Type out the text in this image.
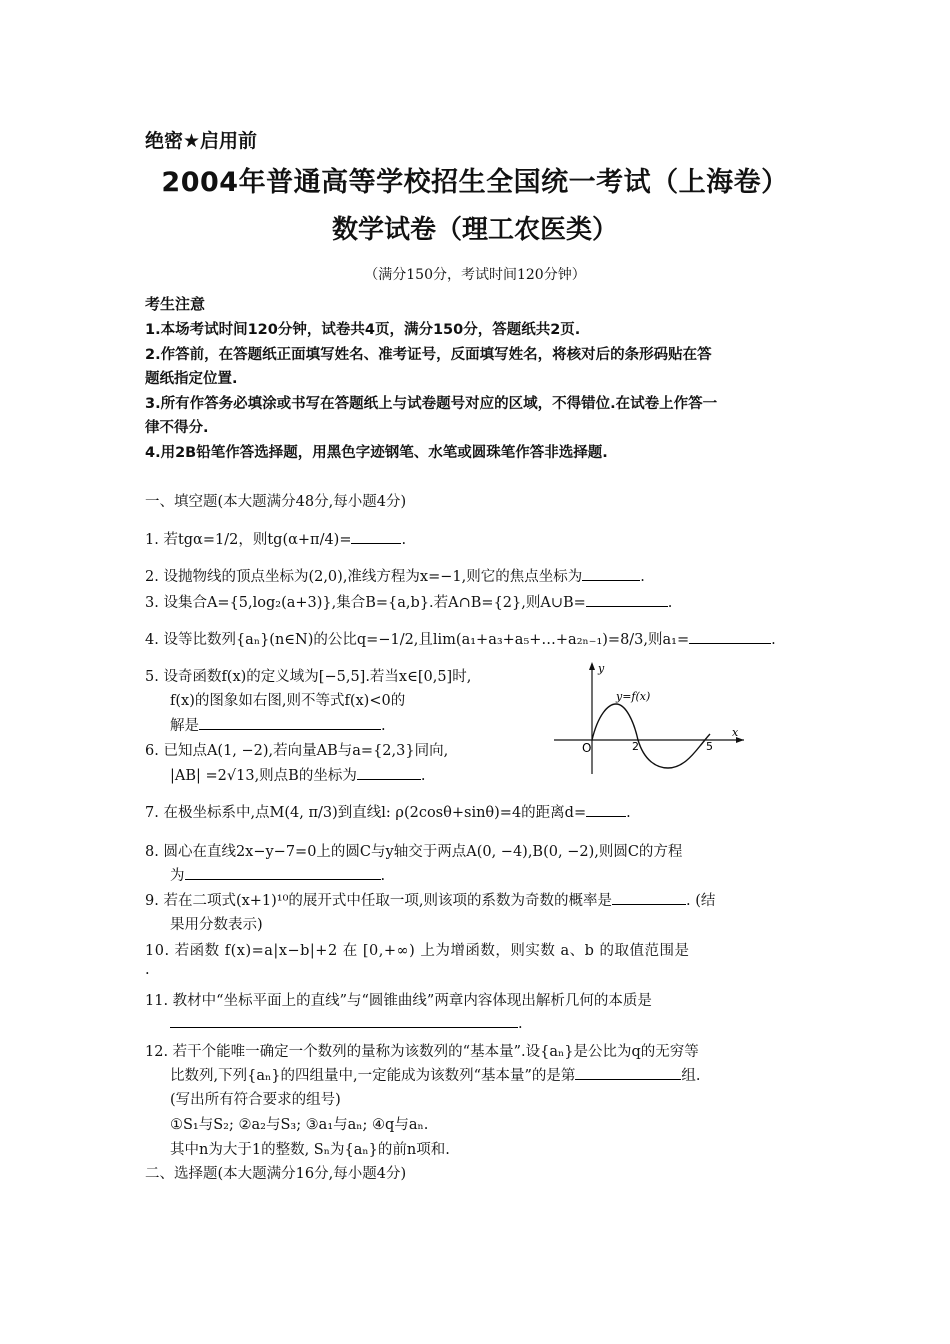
绝密★启用前
2004年普通高等学校招生全国统一考试（上海卷）
数学试卷（理工农医类）
（满分150分，考试时间120分钟）
考生注意
1.本场考试时间120分钟，试卷共4页，满分150分，答题纸共2页.
2.作答前，在答题纸正面填写姓名、准考证号，反面填写姓名，将核对后的条形码贴在答
题纸指定位置.
3.所有作答务必填涂或书写在答题纸上与试卷题号对应的区域，不得错位.在试卷上作答一
律不得分.
4.用2B铅笔作答选择题，用黑色字迹钢笔、水笔或圆珠笔作答非选择题.
一、填空题(本大题满分48分,每小题4分)
1. 若tgα=1/2，则tg(α+π/4)=	.
2. 设抛物线的顶点坐标为(2,0),准线方程为x=−1,则它的焦点坐标为	.
3. 设集合A={5,log₂(a+3)},集合B={a,b}.若A∩B={2},则A∪B=	.
4. 设等比数列{aₙ}(n∈N)的公比q=−1/2,且lim(a₁+a₃+a₅+…+a₂ₙ₋₁)=8/3,则a₁=	.
5. 设奇函数f(x)的定义域为[−5,5].若当x∈[0,5]时,
f(x)的图象如右图,则不等式f(x)<0的
解是	.
6. 已知点A(1, −2),若向量AB与a={2,3}同向,
|AB| =2√13,则点B的坐标为	.
y
x
O
y=f(x)
2	5
7. 在极坐标系中,点M(4, π/3)到直线l: ρ(2cosθ+sinθ)=4的距离d=	.
8. 圆心在直线2x−y−7=0上的圆C与y轴交于两点A(0, −4),B(0, −2),则圆C的方程
为	.
9. 若在二项式(x+1)¹⁰的展开式中任取一项,则该项的系数为奇数的概率是	. (结
果用分数表示)
10. 若函数 f(x)=a|x−b|+2 在 [0,+∞) 上为增函数，则实数 a、b 的取值范围是
.
11. 教材中“坐标平面上的直线”与“圆锥曲线”两章内容体现出解析几何的本质是
.
12. 若干个能唯一确定一个数列的量称为该数列的“基本量”.设{aₙ}是公比为q的无穷等
比数列,下列{aₙ}的四组量中,一定能成为该数列“基本量”的是第	组.
(写出所有符合要求的组号)
①S₁与S₂; ②a₂与S₃; ③a₁与aₙ; ④q与aₙ.
其中n为大于1的整数, Sₙ为{aₙ}的前n项和.
二、选择题(本大题满分16分,每小题4分)
